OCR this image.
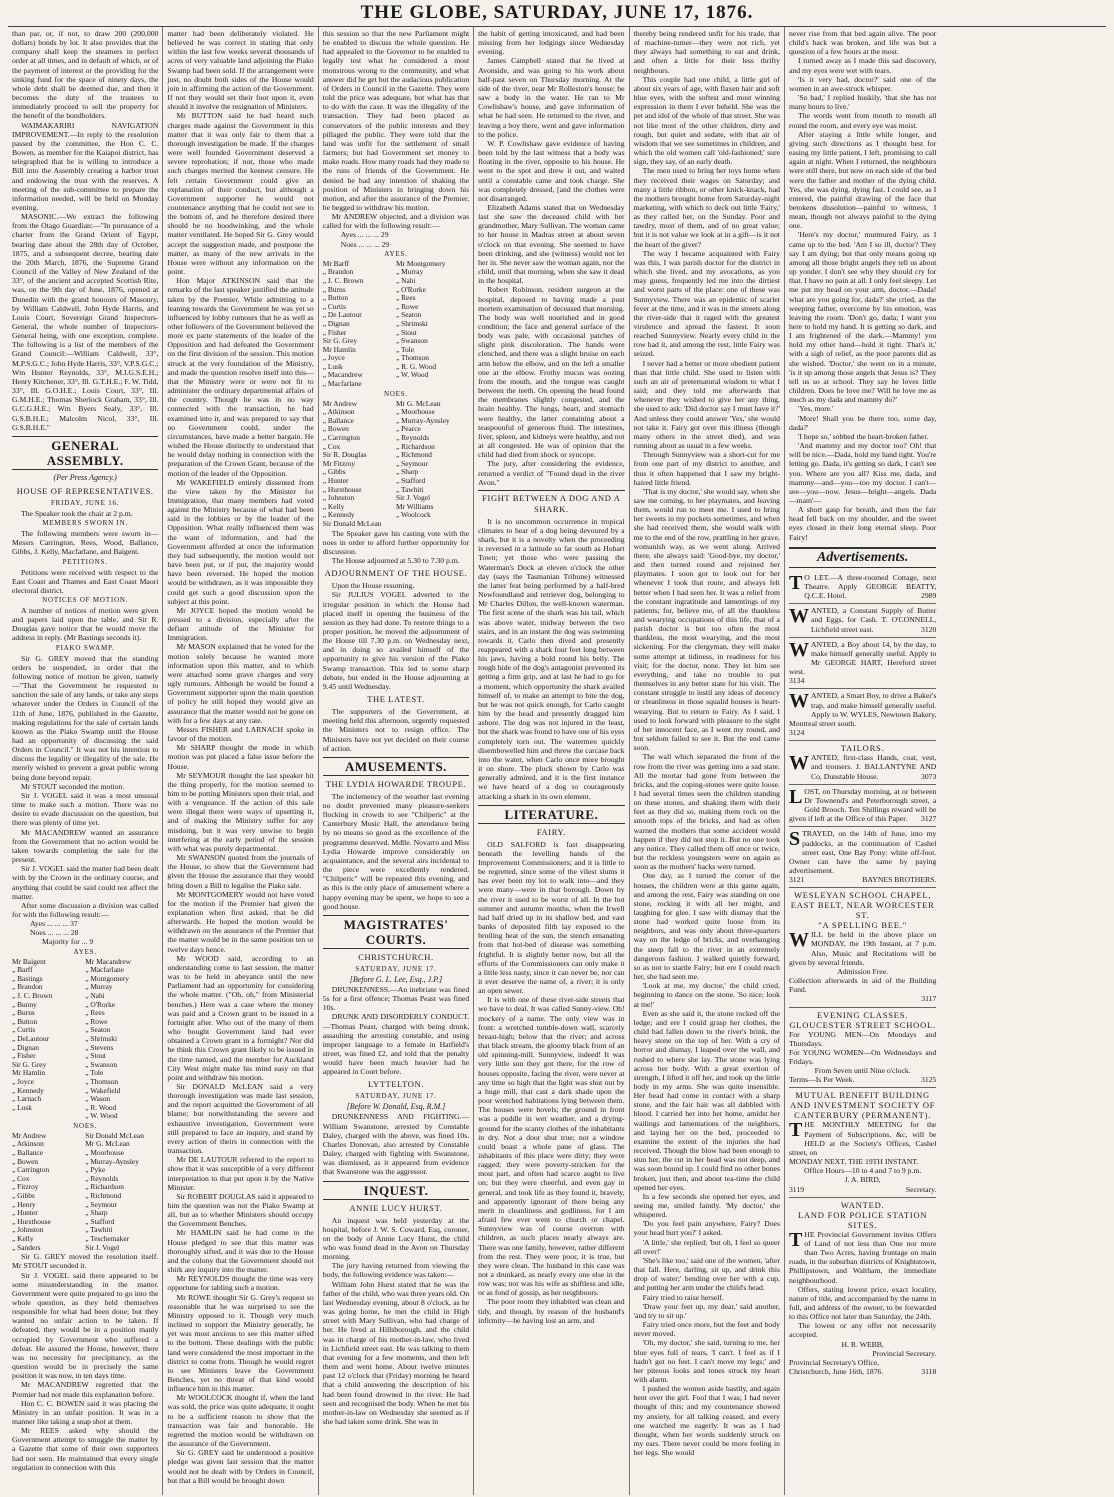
THE GLOBE, SATURDAY, JUNE 17, 1876.

than par, or, if not, to draw 200 (200,000 dollars) bonds by lot. It also provides that the company shall keep the steamers in perfect order at all times, and in default of which, or of the payment of interest or the providing for the sinking fund for the space of ninety days, the whole debt shall be deemed due, and then it becomes the duty of the trustees to immediately proceed to sell the property for the benefit of the bondholders.

WAIMAKARIRI NAVIGATION IMPROVEMENT.—In reply to the resolution passed by the committee, the Hon C. C. Bowen, as member for the Kaiapoi district, has telegraphed that he is willing to introduce a Bill into the Assembly creating a harbor trust and endowing the trust with the reserves. A meeting of the sub-committee to prepare the information needed, will be held on Monday evening.

MASONIC.—We extract the following from the Otago Guardian:—"In pursuance of a charter from the Grand Orient of Egypt, bearing date about the 28th day of October, 1875, and a subsequent decree, bearing date the 20th March, 1876, the Supreme Grand Council of the Valley of New Zealand of the 33°, of the ancient and accepted Scottish Rite, was, on the 9th day of June, 1876, opened at Dunedin with the grand honours of Masonry, by William Caldwell, John Hyde Harris, and Louis Court, Sovereign Grand Inspectors-General, the whole number of Inspectors-General being, with one exception, complete. The following is a list of the members of the Grand Council:—William Caldwell, 33°, M.P.S.G.C.; John Hyde Harris, 33°, V.P.S.G.C.; Wm Hunter Reynolds, 33°, M.I.G.S.E.H.; Henry Kitchener, 33°, Ill. G.T.H.E.; F. W. Tidd, 33°, Ill. G.O.H.E.; Louis Court, 33°, Ill. G.M.H.E.; Thomas Sherlock Graham, 33°, Ill. G.C.G.H.E.; Wm Byers Sealy, 33°, Ill. G.S.B.H.E.; Malcolm Nicol, 33°, Ill. G.S.B.H.E."

GENERAL ASSEMBLY.
(Per Press Agency.)
HOUSE OF REPRESENTATIVES.
FRIDAY, JUNE 16.

The Speaker took the chair at 2 p.m.

MEMBERS SWORN IN.

The following members were sworn in—Messrs Carrington, Rees, Wood, Ballance, Gibbs, J. Kelly, Macfarlane, and Baigent.

PETITIONS.

Petitions were received with respect to the East Coast and Thames and East Coast Maori electoral district.

NOTICES OF MOTION.

A number of notices of motion were given and papers laid upon the table, and Sir R. Douglas gave notice that he would move the address in reply. (Mr Bastings seconds it).

PIAKO SWAMP.

Sir G. GREY moved that the standing orders be suspended, in order that the following notice of motion be given, namely—"That the Government be requested to sanction the sale of any lands, or take any steps whatever under the Orders in Council of the 11th of June, 1876, published in the Gazette, making regulations for the sale of certain lands known as the Piako Swamp until the House had an opportunity of discussing the said Orders in Council." It was not his intention to discuss the legality or illegality of the sale. He merely wished to prevent a great public wrong being done beyond repair.

Mr STOUT seconded the motion.

Sir J. VOGEL said it was a most unusual time to make such a motion. There was no desire to evade discussion on the question, but there was plenty of time yet.

Mr MACANDREW wanted an assurance from the Government that no action would be taken towards completing the sale for the present.

Sir J. VOGEL said the matter had been dealt with by the Crown in the ordinary course, and anything that could be said could not affect the matter.

After some discussion a division was called for with the following result:—

Ayes ... ... ... 37
Noes ... ... ... 28
Majority for ... 9
AYES.
Mr Baigent
„ Barff
„ Bastings
„ Brandon
„ J. C. Brown
„ Bunny
„ Burns
„ Button
„ Curtis
„ DeLautour
„ Dignan
„ Fisher
Sir G. Grey
Mr Hamlin
„ Joyce
„ Kennedy
„ Larnach
„ Lusk
Mr Macandrew
„ Macfarlane
„ Montgomery
„ Murray
„ Nahi
„ O'Rorke
„ Rees
„ Rowe
„ Seaton
„ Shrimski
„ Stevens
„ Stout
„ Swanson
„ Tole
„ Thomson
„ Wakefield
„ Wason
„ R. Wood
„ W. Wood
NOES.
Mr Andrew
„ Atkinson
„ Ballance
„ Bowen
„ Carrington
„ Cox
„ Fitzroy
„ Gibbs
„ Henry
„ Hunter
„ Hursthouse
„ Johnston
„ Kelly
„ Sanders
Sir Donald McLean
Mr G. McLean
„ Moorhouse
„ Murray-Aynsley
„ Pyke
„ Reynolds
„ Richardson
„ Richmond
„ Seymour
„ Sharp
„ Stafford
„ Tawhiti
„ Teschemaker
Sir J. Vogel

Sir G. GREY moved the resolution itself. Mr STOUT seconded it.

Sir J. VOGEL said there appeared to be some misunderstanding in the matter. Government were quite prepared to go into the whole question, as they held themselves responsible for what had been done; but they wanted no unfair action to be taken. If defeated, they would be in a position manly occupied by Government who suffered a defeat. He assured the House, however, there was no necessity for precipitancy, as the question would be in precisely the same position it was now, in ten days time.

Mr MACANDREW regretted that the Premier had not made this explanation before.

Hon C. C. BOWEN said it was placing the Ministry in an unfair position. It was in a manner like taking a snap shot at them.

Mr REES asked why should the Government attempt to smuggle the matter by a Gazette that some of their own supporters had not seen. He maintained that every single regulation in connection with this

matter had been deliberately violated. He believed he was correct in stating that only within the last few weeks several thousands of acres of very valuable land adjoining the Piako Swamp had been sold. If the arrangement were just, no doubt both sides of the House would join in affirming the action of the Government. If not they would set their foot upon it, even should it involve the resignation of Ministers.

Mr BUTTON said he had heard such charges made against the Government in this matter that it was only fair to them that a thorough investigation be made. If the charges were well founded Government deserved a severe reprobation; if not, those who made such charges merited the keenest censure. He felt certain Government could give an explanation of their conduct, but although a Government supporter he would not countenance anything that he could not see to the bottom of, and he therefore desired there should be no hoodwinking, and the whole matter ventilated. He hoped Sir G. Grey would accept the suggestion made, and postpone the matter, as many of the new arrivals in the House were without any information on the point.

Hon Major ATKINSON said that the remarks of the last speaker justified the attitude taken by the Premier. While admitting to a leaning towards the Government he was yet so influenced by lobby rumours that he as well as other followers of the Government believed the more ex parte statements of the leader of the Opposition and had defeated the Government on the first division of the session. This motion struck at the very foundation of the Ministry, and made the question resolve itself into this—that the Ministry were or were not fit to administer the ordinary departmental affairs of the country. Though he was in no way connected with the transaction, he had examined into it, and was prepared to say that no Government could, under the circumstances, have made a better bargain. He wished the House distinctly to understand that he would delay nothing in connection with the preparation of the Crown Grant, because of the motion of the leader of the Opposition.

Mr WAKEFIELD entirely dissented from the view taken by the Minister for Immigration, that many members had voted against the Ministry because of what had been said in the lobbies or by the leader of the Opposition. What really influenced them was the want of information, and had the Government afforded at once the information they had subsequently, the motion would not have been put, or if put, the majority would have been reversed. He hoped the motion would be withdrawn, as it was impossible they could get such a good discussion upon the subject at this point.

Mr JOYCE hoped the motion would be pressed to a division, especially after the defiant attitude of the Minister for Immigration.

Mr MASON explained that he voted for the motion solely because he wanted more information upon this matter, and to which were attached some grave charges and very ugly rumours. Although he would be found a Government supporter upon the main question of policy he still hoped they would give an assurance that the matter would not be gone on with for a few days at any rate.

Messrs FISHER and LARNACH spoke in favour of the motion.

Mr SHARP thought the mode in which motion was put placed a false issue before the House.

Mr SEYMOUR thought the last speaker hit the thing properly, for the motion seemed to him to be putting Ministers upon their trial, and with a vengeance. If the action of this sale were illegal there were ways of upsetting it, and of making the Ministry suffer for any misdoing, but it was very unwise to begin interfering at the early period of the session with what was purely departmental.

Mr SWANSON quoted from the journals of the House, to show that the Government had given the House the assurance that they would bring down a Bill to legalise the Piako sale.

Mr MONTGOMERY would not have voted for the motion if the Premier had given the explanation when first asked, that he did afterwards. He hoped the motion would be withdrawn on the assurance of the Premier that the matter would be in the same position ten or twelve days hence.

Mr WOOD said, according to an understanding come to last session, the matter was to be held in abeyance until the new Parliament had an opportunity for considering the whole matter. ("Oh, oh," from Ministerial benches.) Here was a case where the money was paid and a Crown grant to be issued in a fortnight after. Who out of the many of them who bought Government land had ever obtained a Crown grant in a fortnight? Nor did he think this Crown grant likely to be issued in the time named, and the member for Auckland City West might make his mind easy on that point and withdraw his motion.

Sir DONALD McLEAN said a very thorough investigation was made last session, and the report acquitted the Government of all blame; but notwithstanding the severe and exhaustive investigation, Government were still prepared to face an inquiry, and stand by every action of theirs in connection with the transaction.

Mr DE LAUTOUR referred to the report to show that it was susceptible of a very different interpretation to that put upon it by the Native Minister.

Sir ROBERT DOUGLAS said it appeared to him the question was not the Piako Swamp at all, but as to whether Ministers should occupy the Government Benches.

Mr HAMLIN said he had come to the House pledged to see that this matter was thoroughly sifted, and it was due to the House and the colony that the Government should not shirk any inquiry into the matter.

Mr REYNOLDS thought the time was very opportune for tabling such a motion.

Mr ROWE thought Sir G. Grey's request so reasonable that he was surprised to see the Ministry opposed to it. Though very much inclined to support the Ministry generally, he yet was most anxious to see this matter sifted to the bottom. These dealings with the public land were considered the most important in the district to come from. Though he would regret to see Ministers leave the Government Benches, yet no threat of that kind would influence him in this matter.

Mr WOOLCOCK thought if, when the land was sold, the price was quite adequate, it ought to be a sufficient reason to show that the transaction was fair and honorable. He regretted the motion would be withdrawn on the assurance of the Government.

Sir G. GREY said he understood a positive pledge was given last session that the matter would not be dealt with by Orders in Council, but that a Bill would be brought down

this session so that the new Parliament might be enabled to discuss the whole question. He had appealed to the Governor to be enabled to legally test what he considered a most monstrous wrong to the community, and what answer did he get but the audacious publication of Orders in Council in the Gazette. They were told the price was adequate, but what has that to do with the case. It was the illegality of the transaction. They had been placed as conservators of the public interests and they pillaged the public. They were told that the land was unfit for the settlement of small farmers; but had Government set money to make roads. How many roads had they made to the runs of friends of the Government. He denied he had any intention of shaking the position of Ministers in bringing down his motion, and after the assurance of the Premier, he begged to withdraw his motion.

Mr ANDREW objected, and a division was called for with the following result:—

Ayes ... ... ... 29
Noes ... ... ... 29
AYES.
Mr Barff
„ Brandon
„ J. C. Brown
„ Burns
„ Button
„ Curtis
„ De Lautour
„ Dignan
„ Fisher
Sir G. Grey
Mr Hamlin
„ Joyce
„ Lusk
„ Macandrew
„ Macfarlane
Mr Montgomery
„ Murray
„ Nahi
„ O'Rorke
„ Rees
„ Rowe
„ Seaton
„ Shrimski
„ Stout
„ Swanson
„ Tole
„ Thomson
„ R. G. Wood
„ W. Wood
NOES.
Mr Andrew
„ Atkinson
„ Ballance
„ Bowen
„ Carrington
„ Cox
Sir R. Douglas
Mr Fitzroy
„ Gibbs
„ Hunter
„ Hursthouse
„ Johnston
„ Kelly
„ Kennedy
Sir Donald McLean
Mr G. McLean
„ Moorhouse
„ Murray-Aynsley
„ Pearce
„ Reynolds
„ Richardson
„ Richmond
„ Seymour
„ Sharp
„ Stafford
„ Tawhiti
Sir J. Vogel
Mr Williams
„ Woolcock

The Speaker gave his casting vote with the noes in order to afford further opportunity for discussion.

The House adjourned at 5.30 to 7.30 p.m.

ADJOURNMENT OF THE HOUSE.

Upon the House resuming,

Sir JULIUS VOGEL adverted to the irregular position in which the House had placed itself in opening the business of the session as they had done. To restore things to a proper position, he moved the adjournment of the House till 7.30 p.m. on Wednesday next, and in doing so availed himself of the opportunity to give his version of the Piako Swamp transaction. This led to some sharp debate, but ended in the House adjourning at 9.45 until Wednesday.

THE LATEST.

The supporters of the Government, at meeting held this afternoon, urgently requested the Ministers not to resign office. The Ministers have not yet decided on their course of action.

AMUSEMENTS.
THE LYDIA HOWARDE TROUPE.

The inclemency of the weather last evening no doubt prevented many pleasure-seekers flocking in crowds to see "Chilperic" at the Canterbury Music Hall, the attendance being by no means so good as the excellence of the programme deserved. Mdlle. Novarro and Miss Lydia Howarde improve considerably on acquaintance, and the several airs incidental to the piece were excellently rendered. "Chilperic" will be repeated this evening, and as this is the only place of amusement where a happy evening may be spent, we hope to see a good house.

MAGISTRATES' COURTS.
CHRISTCHURCH.
SATURDAY, JUNE 17.
[Before G. L. Lee, Esq., J.P.]

DRUNKENNESS.—An inebriate was fined 5s for a first offence; Thomas Peast was fined 10s.

DRUNK AND DISORDERLY CONDUCT.—Thomas Peast, charged with being drunk, assaulting the arresting constable, and using improper language to a female in Hatfield's street, was fined £2, and told that the penalty would have been much heavier had he appeared in Court before.

LYTTELTON.
SATURDAY, JUNE 17.
[Before W. Donald, Esq, R.M.]

DRUNKENNESS AND FIGHTING.—William Swanstone, arrested by Constable Daley, charged with the above, was fined 10s. Charles Donovan, also arrested by Constable Daley, charged with fighting with Swanstone, was dismissed, as it appeared from evidence that Swanstone was the aggressor.

INQUEST.
ANNIE LUCY HURST.

An inquest was held yesterday at the hospital, before J. W. S. Coward, Esq, coroner, on the body of Annie Lucy Hurst, the child who was found dead in the Avon on Thursday morning.

The jury having returned from viewing the body, the following evidence was taken:—

William John Hurst stated that he was the father of the child, who was three years old. On last Wednesday evening, about 8 o'clock, as he was going home, he met the child in High street with Mary Sullivan, who had charge of her. He lived at Hillsborough, and the child was in charge of his mother-in-law, who lived in Lichfield street east. He was talking to them that evening for a few moments, and then left them and went home. About twelve minutes past 12 o'clock that (Friday) morning he heard that a child answering the description of his had been found drowned in the river. He had seen and recognised the body. When he met his mother-in-law on Wednesday she seemed as if she had taken some drink. She was in

the habit of getting intoxicated, and had been missing from her lodgings since Wednesday evening.

James Campbell stated that he lived at Avonside, and was going to his work about half-past seven on Thursday morning. At the side of the river, near Mr Rolleston's house; he saw a body in the water. He ran to Mr Cowlishaw's house, and gave information of what he had seen. He returned to the river, and leaving a boy there, went and gave information to the police.

W. P. Cowlishaw gave evidence of having been told by the last witness that a body was floating in the river, opposite to his house. He went to the spot and drew it out, and waited until a constable came and took charge. She was completely dressed, [and the clothes were not disarranged.

Elizabeth Adams stated that on Wednesday last she saw the deceased child with her grandmother, Mary Sullivan. The woman came to her house in Madras street at about seven o'clock on that evening. She seemed to have been drinking, and she (witness) would not let her in. She never saw the woman again, nor the child, until that morning, when she saw it dead in the hospital.

Robert Robinson, resident surgeon at the hospital, deposed to having made a post mortem examination of deceased that morning. The body was well nourished and in good condition; the face and general surface of the body was pale, with occasional patches of slight pink discoloration. The hands were clenched, and there was a slight bruise on each arm below the elbow, and on the left a smaller one at the elbow. Frothy mucus was oozing from the mouth, and the tongue was caught between the teeth. On opening the head found the membranes slightly congested, and the brain healthy. The lungs, heart, and stomach were healthy, the latter containing about a teaspoonful of generous fluid. The intestines, liver, spleen, and kidneys were healthy, and not at all congested. He was of opinion that the child had died from shock or syncope.

The jury, after considering the evidence, returned a verdict of "Found dead in the river Avon."

FIGHT BETWEEN A DOG AND A SHARK.

It is no uncommon occurrence in tropical climates to hear of a dog being devoured by a shark, but it is a novelty when the proceeding is reversed in a latitude so far south as Hobart Town; yet those who were passing the Waterman's Dock at eleven o'clock the other day (says the Tasmanian Tribune) witnessed the latter feat being performed by a half-bred Newfoundland and retriever dog, belonging to Mr Charles Dillon, the well-known waterman. The first scene of the shark was his tail, which was above water, midway between the two stairs, and in an instant the dog was swimming towards it. Carlo then dived and presently reappeared with a shark four feet long between his jaws, having a bold round his belly. The tough hide of the dog's antagonist prevented its getting a firm grip, and at last he had to go for a moment, which opportunity the shark availed himself of, to make an attempt to bite the dog, but he was not quick enough, for Carlo caught him by the head and presently dragged him ashore. The dog was not injured in the least, but the shark was found to have one of his eyes completely torn out. The watermen quickly disembowelled him and threw the carcase back into the water, when Carlo once more brought it on shore. The pluck shown by Carlo was generally admired, and it is the first instance we have heard of a dog so courageously attacking a shark in its own element.

LITERATURE.
FAIRY.

OLD SALFORD is fast disappearing beneath the levelling hands of the Improvement Commissioners; and it is little to be regretted, since some of the vilest slums it has ever been my lot to walk into—and they were many—were in that borough. Down by the river it used to be worst of all. In the hot summer and autumn months, when the Irwell had half dried up in its shallow bed, and vast banks of deposited filth lay exposed to the broiling heat of the sun, the stench emanating from that hot-bed of disease was something frightful. It is slightly better now, but all the efforts of the Commissioners can only make it a little less nasty, since it can never be, nor can it ever deserve the name of, a river; it is only an open sewer.

It is with one of these river-side streets that we have to deal. It was called Sunny-view. Oh! mockery of a name. The only view was in front: a wretched tumble-down wall, scarcely breast-high; below that the river; and across that black stream, the gloomy black front of an old spinning-mill. Sunnyview, indeed! It was very little sun they got there, for the row of houses opposite, facing the river, were never at any time so high that the light was shut out by a huge mill, that cast a dark shade upon the poor wretched habitations lying between them. The houses were hovels; the ground in front was a puddle in wet weather, and a drying-ground for the scanty clothes of the inhabitants in dry. Not a door shut true; not a window could boast a whole pane of glass. The inhabitants of this place were dirty; they were ragged; they were poverty-stricken for the most part, and often had scarce aught to live on; but they were cheerful, and even gay in general, and took life as they found it, bravely, and apparently ignorant of there being any merit in cleanliness and godliness, for I am afraid few ever went to church or chapel. Sunnyview was of course overrun with children, as such places nearly always are. There was one family, however, rather different from the rest. They were poor, it is true, but they were clean. The husband in this case was not a drunkard, as nearly every one else in the row was; nor was his wife as shiftless and idle, or as fond of gossip, as her neighbours.

The poor room they inhabited was clean and tidy, and though, by reason of the husband's infirmity—he having lost an arm, and

thereby being rendered unfit for his trade, that of machine-turner—they were not rich, yet they always had something to eat and drink, and often a little for their less thrifty neighbours.

This couple had one child, a little girl of about six years of age, with flaxen hair and soft blue eyes, with the softest and most winning expression in them I ever beheld. She was the pet and idol of the whole of that street. She was not like most of the other children, dirty and rough, but quiet and sedate, with that air of wisdom that we see sometimes in children, and which the old women call 'old-fashioned;' sure sign, they say, of an early death.

The men used to bring her toys home when they received their wages on Saturday; and many a little ribbon, or other knick-knack, had the mothers brought home from Saturday-night marketing, with which to deck out little 'Fairy,' as they called her, on the Sunday. Poor and tawdry, most of them, and of no great value; but it is not value we look at in a gift—is it not the heart of the giver?

The way I became acquainted with Fairy was this, I was parish doctor for the district in which she lived, and my avocations, as you may guess, frequently led me into the dirtiest and worst parts of the place: one of these was Sunnyview. There was an epidemic of scarlet fever at the time, and it was in the streets along the river-side that it raged with the greatest virulence and spread the fastest. It soon reached Sunnyview. Nearly every child in the row had it, and among the rest, little Fairy was seized.

I never had a better or more obedient patient than that little child. She used to listen with such an air of preternatural wisdom to what I said; and they told me afterwards that whenever they wished to give her any thing, she used to ask: 'Did doctor say I must have it?' And unless they could answer 'Yes,' she would not take it. Fairy got over this illness (though many others in the street died), and was running about as usual in a few weeks.

Through Sunnyview was a short-cut for me from one part of my district to another, and thus it often happened that I saw my bright-haired little friend.

'That is my doctor,' she would say, when she saw me coming, to her playmates, and leaving them, would run to meet me. I used to bring her sweets in my pockets sometimes, and when she had received them, she would walk with me to the end of the row, prattling in her grave, womanish way, as we went along. Arrived there, she always said: 'Good-bye, my doctor,' and then turned round and rejoined her playmates. I soon got to look out for her whenever I took that route, and always felt better when I had seen her. It was a relief from the constant ingratitude and lamentings of my patients; for, believe me, of all the thankless and wearying occupations of this life, that of a parish doctor is but too often the most thankless, the most wearying, and the most sickening. For the clergyman, they will make some attempt at tidiness, in readiness for his visit; for the doctor, none. They let him see everything, and take no trouble to put themselves in any better state for his visit. The constant struggle to instil any ideas of decency or cleanliness in those squalid houses is heart-wearying. But to return to Fairy. As I said, I used to look forward with pleasure to the sight of her innocent face, as I went my round, and but seldom failed to see it. But the end came soon.

The wall which separated the front of the row from the river was getting into a sad state. All the mortar had gone from between the bricks, and the coping-stones were quite loose. I had several times seen the children standing on these stones, and shaking them with their feet as they did so, making them rock on the smooth tops of the bricks, and had as often warned the mothers that some accident would happen if they did not stop it. But no one took any notice. They called them off once or twice, but the reckless youngsters were on again as soon as the mothers' backs were turned.

One day, as I turned the corner of the houses, the children were at this game again, and among the rest, Fairy was standing on one stone, rocking it with all her might, and laughing for glee. I saw with dismay that the stone had worked quite loose from its neighbors, and was only about three-quarters way on the ledge of bricks, and overhanging the steep fall to the river in an extremely dangerous fashion. I walked quietly forward, so as not to startle Fairy; but ere I could reach her, she had seen me.

'Look at me, my doctor,' the child cried, beginning to dance on the stone. 'So nice; look at me!'

Even as she said it, the stone rocked off the ledge; and ere I could grasp her clothes, the child had fallen down to the river's brink, the heavy stone on the top of her. With a cry of horror and dismay, I leaped over the wall, and rushed to where she lay. The stone was lying across her body. With a great exertion of strength, I lifted it off her, and took up the little body in my arms. She was quite insensible. Her head had come in contact with a sharp stone, and the fair hair was all dabbled with blood. I carried her into her home, amidst her wailings and lamentations of the neighbors, and laying her on the bed, proceeded to examine the extent of the injuries she had received. Though the blow had been enough to stun her, the cut in her head was not deep, and was soon bound up. I could find no other bones broken, just then, and about tea-time the child opened her eyes.

In a few seconds she opened her eyes, and seeing me, smiled faintly. 'My doctor,' she whispered.

'Do you feel pain anywhere, Fairy? Does your head hurt you?' I asked.

'A little,' she replied; 'but oh, I feel so queer all over!'

'She's like too,' said one of the women, 'after that fall. Here, darling, sit up, and drink this drop of water;' bending over her with a cup, and putting her arm under the child's head.

Fairy tried to raise herself.

'Draw your feet up, my dear,' said another, 'and try to sit up.'

Fairy tried once more, but the feet and body never moved.

'Oh, my doctor,' she said, turning to me, her blue eyes full of tears, 'I can't. I feel as if I hadn't got no feet. I can't move my legs;' and her piteous looks and tones struck my heart with alarm.

I pushed the women aside hastily, and again bent over the girl. Fool that I was; I had never thought of this; and my countenance showed my anxiety, for all talking ceased, and every one watched me eagerly. It was as I had thought, when her words suddenly struck on my ears. There never could be more feeling in her legs. She would

never rise from that bed again alive. The poor child's back was broken, and life was but a question of a few hours at the most.

I turned away as I made this sad discovery, and my eyes were wet with tears.

'Is it very bad, doctor?' said one of the women in an awe-struck whisper.

'So bad,' I replied huskily, 'that she has not many hours to live.'

The words went from mouth to mouth all round the room, and every eye was moist.

After staying a little while longer, and giving such directions as I thought best for easing my little patient, I left, promising to call again at night. When I returned, the neighbours were still there, but now on each side of the bed were the father and mother of the dying child. Yes, she was dying, dying fast. I could see, as I entered, the painful drawing of the face that betokens dissolution—painful to witness, I mean, though not always painful to the dying one.

'Here's my doctor,' murmured Fairy, as I came up to the bed. 'Am I so ill, doctor? They say I am dying; but that only means going up among all those bright angels they tell us about up yonder. I don't see why they should cry for that. I have no pain at all. I only feel sleepy. Let me put my head on your arm, doctor.—Dada! what are you going for, dada?' she cried, as the weeping father, overcome by his emotion, was leaving the room. 'Don't go, dada; I want you here to hold my hand. It is getting so dark, and I am frightened of the dark.—Mammy! you hold my other hand—hold it tight. That's it,' with a sigh of relief, as the poor parents did as she wished. 'Doctor,' she went on in a minute, 'is it up among those angels that Jesus is? They tell us so at school. They say he loves little children. Does he love me? Will he love me as much as my dada and mammy do?'

'Yes, more.'

'More! Shall you be there too, some day, dada?'

'I hope so,' sobbed the heart-broken father.

'And mammy and my doctor too? Oh! that will be nice.—Dada, hold my hand tight. You're letting go. Dada, it's getting so dark, I can't see you. Where are you all? Kiss me, dada, and mammy—and—you—too my doctor. I can't—see—you—now. Jesus—bright—angels. Dada—mam'—

A short gasp for breath, and then the fair head fell back on my shoulder, and the sweet eyes closed in their long eternal sleep. Poor Fairy!

Advertisements.
T O LET.—A three-roomed Cottage, next Theatre. Apply GEORGE BEATTY, Q.C.E. Hotel.	2989
WANTED, a Constant Supply of Butter and Eggs, for Cash. T. O'CONNELL, Lichfield street east.	3120
WANTED, a Boy about 14, by the day, to make himself generally useful. Apply to Mr GEORGE HART, Hereford street west.
3134
WANTED, a Smart Boy, to drive a Baker's trap, and make himself generally useful. Apply to W. WYLES, Newtown Bakery, Montreal street south.
3124
TAILORS.
W ANTED, first-class Hands, coat, vest, and trousers. J. BALLANTYNE AND Co, Dunstable House.	3073
LOST, on Thursday morning, at or between Dr Townend's and Peterborough street, a Gold Brooch. Ten Shillings reward will be given if left at the Office of this Paper. 3127
STRAYED, on the 14th of June, into my paddocks, at the continuation of Cashel street east, One Bay Pony: white off-foot. Owner can have the same by paying advertisement.
3121	BAYNES BROTHERS.
WESLEYAN SCHOOL CHAPEL,
EAST BELT, NEAR WORCESTER ST.
"A SPELLING BEE."
W ILL be held in the above place on MONDAY, the 19th Instant, at 7 p.m. Also, Music and Recitations will be given by several friends.
Admission Free.
Collection afterwards in aid of the Building Fund.
3117
EVENING CLASSES.
GLOUCESTER STREET SCHOOL.
For YOUNG MEN—On Mondays and Thursdays.
For YOUNG WOMEN—On Wednesdays and Fridays.
From Seven until Nine o'clock.
Terms—Is Per Week.	3125
MUTUAL BENEFIT BUILDING AND INVESTMENT SOCIETY OF CANTERBURY (PERMANENT).
T HE MONTHLY MEETING for the Payment of Subscriptions, &c, will be HELD at the Society's Offices, Cashel street, on
MONDAY NEXT, THE 19TH INSTANT.
Office Hours—10 to 4 and 7 to 9 p.m.
J. A. BIRD,
3119	Secretary.
WANTED.
LAND FOR POLICE STATION SITES.
T HE Provincial Government invites Offers of Land of not less than One nor more than Two Acres, having frontage on main roads, in the suburban districts of Knightstown, Phillipstown, and Waltham, the immediate neighbourhood.

Offers, stating lowest price, exact locality, nature of title, and accompanied by the name in full, and address of the owner, to be forwarded to this Office not later than Saturday, the 24th.

The lowest or any offer not necessarily accepted.

H. R. WEBB,
Provincial Secretary.
Provincial Secretary's Office,
Christchurch, June 16th, 1876.	3118
